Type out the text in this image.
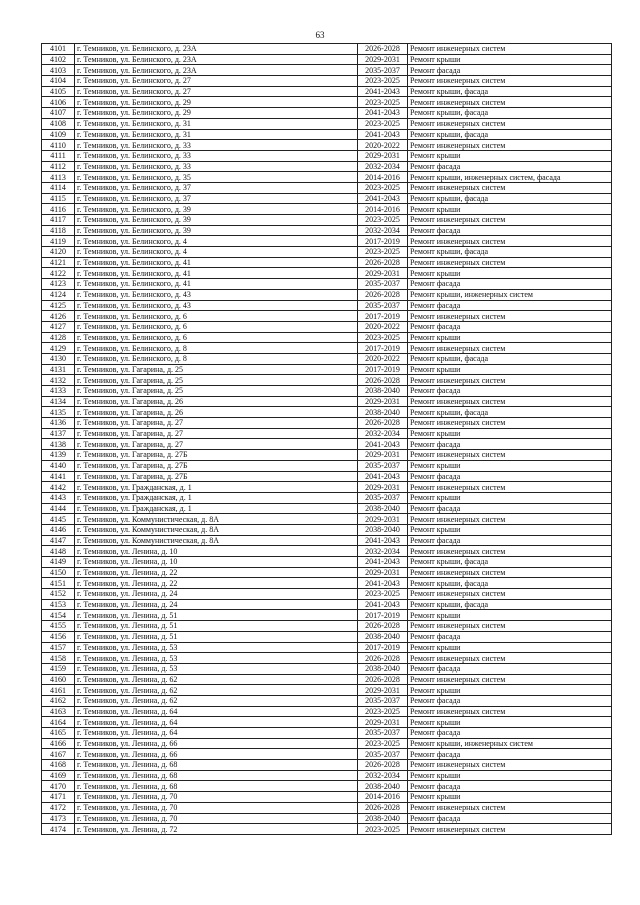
63
4101	г. Темников, ул. Белинского, д. 23А	2026-2028	Ремонт инженерных систем
4102	г. Темников, ул. Белинского, д. 23А	2029-2031	Ремонт крыши
4103	г. Темников, ул. Белинского, д. 23А	2035-2037	Ремонт фасада
4104	г. Темников, ул. Белинского, д. 27	2023-2025	Ремонт инженерных систем
4105	г. Темников, ул. Белинского, д. 27	2041-2043	Ремонт крыши, фасада
4106	г. Темников, ул. Белинского, д. 29	2023-2025	Ремонт инженерных систем
4107	г. Темников, ул. Белинского, д. 29	2041-2043	Ремонт крыши, фасада
4108	г. Темников, ул. Белинского, д. 31	2023-2025	Ремонт инженерных систем
4109	г. Темников, ул. Белинского, д. 31	2041-2043	Ремонт крыши, фасада
4110	г. Темников, ул. Белинского, д. 33	2020-2022	Ремонт инженерных систем
4111	г. Темников, ул. Белинского, д. 33	2029-2031	Ремонт крыши
4112	г. Темников, ул. Белинского, д. 33	2032-2034	Ремонт фасада
4113	г. Темников, ул. Белинского, д. 35	2014-2016	Ремонт крыши, инженерных систем, фасада
4114	г. Темников, ул. Белинского, д. 37	2023-2025	Ремонт инженерных систем
4115	г. Темников, ул. Белинского, д. 37	2041-2043	Ремонт крыши, фасада
4116	г. Темников, ул. Белинского, д. 39	2014-2016	Ремонт крыши
4117	г. Темников, ул. Белинского, д. 39	2023-2025	Ремонт инженерных систем
4118	г. Темников, ул. Белинского, д. 39	2032-2034	Ремонт фасада
4119	г. Темников, ул. Белинского, д. 4	2017-2019	Ремонт инженерных систем
4120	г. Темников, ул. Белинского, д. 4	2023-2025	Ремонт крыши, фасада
4121	г. Темников, ул. Белинского, д. 41	2026-2028	Ремонт инженерных систем
4122	г. Темников, ул. Белинского, д. 41	2029-2031	Ремонт крыши
4123	г. Темников, ул. Белинского, д. 41	2035-2037	Ремонт фасада
4124	г. Темников, ул. Белинского, д. 43	2026-2028	Ремонт крыши, инженерных систем
4125	г. Темников, ул. Белинского, д. 43	2035-2037	Ремонт фасада
4126	г. Темников, ул. Белинского, д. 6	2017-2019	Ремонт инженерных систем
4127	г. Темников, ул. Белинского, д. 6	2020-2022	Ремонт фасада
4128	г. Темников, ул. Белинского, д. 6	2023-2025	Ремонт крыши
4129	г. Темников, ул. Белинского, д. 8	2017-2019	Ремонт инженерных систем
4130	г. Темников, ул. Белинского, д. 8	2020-2022	Ремонт крыши, фасада
4131	г. Темников, ул. Гагарина, д. 25	2017-2019	Ремонт крыши
4132	г. Темников, ул. Гагарина, д. 25	2026-2028	Ремонт инженерных систем
4133	г. Темников, ул. Гагарина, д. 25	2038-2040	Ремонт фасада
4134	г. Темников, ул. Гагарина, д. 26	2029-2031	Ремонт инженерных систем
4135	г. Темников, ул. Гагарина, д. 26	2038-2040	Ремонт крыши, фасада
4136	г. Темников, ул. Гагарина, д. 27	2026-2028	Ремонт инженерных систем
4137	г. Темников, ул. Гагарина, д. 27	2032-2034	Ремонт крыши
4138	г. Темников, ул. Гагарина, д. 27	2041-2043	Ремонт фасада
4139	г. Темников, ул. Гагарина, д. 27Б	2029-2031	Ремонт инженерных систем
4140	г. Темников, ул. Гагарина, д. 27Б	2035-2037	Ремонт крыши
4141	г. Темников, ул. Гагарина, д. 27Б	2041-2043	Ремонт фасада
4142	г. Темников, ул. Гражданская, д. 1	2029-2031	Ремонт инженерных систем
4143	г. Темников, ул. Гражданская, д. 1	2035-2037	Ремонт крыши
4144	г. Темников, ул. Гражданская, д. 1	2038-2040	Ремонт фасада
4145	г. Темников, ул. Коммунистическая, д. 8А	2029-2031	Ремонт инженерных систем
4146	г. Темников, ул. Коммунистическая, д. 8А	2038-2040	Ремонт крыши
4147	г. Темников, ул. Коммунистическая, д. 8А	2041-2043	Ремонт фасада
4148	г. Темников, ул. Ленина, д. 10	2032-2034	Ремонт инженерных систем
4149	г. Темников, ул. Ленина, д. 10	2041-2043	Ремонт крыши, фасада
4150	г. Темников, ул. Ленина, д. 22	2029-2031	Ремонт инженерных систем
4151	г. Темников, ул. Ленина, д. 22	2041-2043	Ремонт крыши, фасада
4152	г. Темников, ул. Ленина, д. 24	2023-2025	Ремонт инженерных систем
4153	г. Темников, ул. Ленина, д. 24	2041-2043	Ремонт крыши, фасада
4154	г. Темников, ул. Ленина, д. 51	2017-2019	Ремонт крыши
4155	г. Темников, ул. Ленина, д. 51	2026-2028	Ремонт инженерных систем
4156	г. Темников, ул. Ленина, д. 51	2038-2040	Ремонт фасада
4157	г. Темников, ул. Ленина, д. 53	2017-2019	Ремонт крыши
4158	г. Темников, ул. Ленина, д. 53	2026-2028	Ремонт инженерных систем
4159	г. Темников, ул. Ленина, д. 53	2038-2040	Ремонт фасада
4160	г. Темников, ул. Ленина, д. 62	2026-2028	Ремонт инженерных систем
4161	г. Темников, ул. Ленина, д. 62	2029-2031	Ремонт крыши
4162	г. Темников, ул. Ленина, д. 62	2035-2037	Ремонт фасада
4163	г. Темников, ул. Ленина, д. 64	2023-2025	Ремонт инженерных систем
4164	г. Темников, ул. Ленина, д. 64	2029-2031	Ремонт крыши
4165	г. Темников, ул. Ленина, д. 64	2035-2037	Ремонт фасада
4166	г. Темников, ул. Ленина, д. 66	2023-2025	Ремонт крыши, инженерных систем
4167	г. Темников, ул. Ленина, д. 66	2035-2037	Ремонт фасада
4168	г. Темников, ул. Ленина, д. 68	2026-2028	Ремонт инженерных систем
4169	г. Темников, ул. Ленина, д. 68	2032-2034	Ремонт крыши
4170	г. Темников, ул. Ленина, д. 68	2038-2040	Ремонт фасада
4171	г. Темников, ул. Ленина, д. 70	2014-2016	Ремонт крыши
4172	г. Темников, ул. Ленина, д. 70	2026-2028	Ремонт инженерных систем
4173	г. Темников, ул. Ленина, д. 70	2038-2040	Ремонт фасада
4174	г. Темников, ул. Ленина, д. 72	2023-2025	Ремонт инженерных систем
